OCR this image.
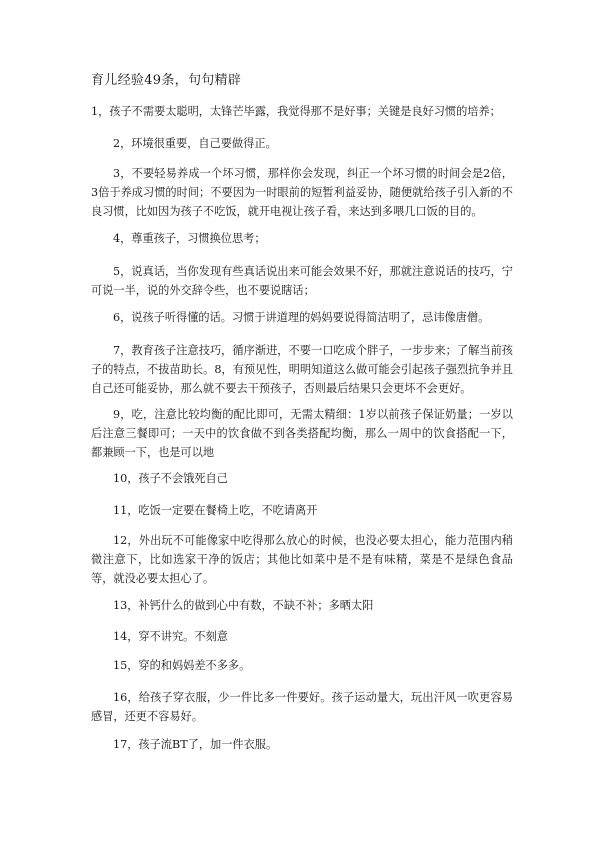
育儿经验49条，句句精辟

1，孩子不需要太聪明，太锋芒毕露，我觉得那不是好事；关键是良好习惯的培养；

2，环境很重要，自己要做得正。

3，不要轻易养成一个坏习惯，那样你会发现，纠正一个坏习惯的时间会是2倍，3倍于养成习惯的时间；不要因为一时眼前的短暂利益妥协，随便就给孩子引入新的不良习惯，比如因为孩子不吃饭，就开电视让孩子看，来达到多喂几口饭的目的。

4，尊重孩子，习惯换位思考；

5，说真话，当你发现有些真话说出来可能会效果不好，那就注意说话的技巧，宁可说一半，说的外交辞令些，也不要说瞎话；

6，说孩子听得懂的话。习惯于讲道理的妈妈要说得简洁明了，忌讳像唐僧。

7，教育孩子注意技巧，循序渐进，不要一口吃成个胖子，一步步来；了解当前孩子的特点，不拔苗助长。8，有预见性，明明知道这么做可能会引起孩子强烈抗争并且自己还可能妥协，那么就不要去干预孩子，否则最后结果只会更坏不会更好。

9，吃，注意比较均衡的配比即可，无需太精细：1岁以前孩子保证奶量；一岁以后注意三餐即可；一天中的饮食做不到各类搭配均衡，那么一周中的饮食搭配一下，都兼顾一下，也是可以地

10，孩子不会饿死自己

11，吃饭一定要在餐椅上吃，不吃请离开

12，外出玩不可能像家中吃得那么放心的时候，也没必要太担心，能力范围内稍微注意下，比如选家干净的饭店；其他比如菜中是不是有味精，菜是不是绿色食品等，就没必要太担心了。

13，补钙什么的做到心中有数，不缺不补；多晒太阳

14，穿不讲究。不刻意

15，穿的和妈妈差不多多。

16，给孩子穿衣服，少一件比多一件要好。孩子运动量大，玩出汗风一吹更容易感冒，还更不容易好。

17，孩子流BT了，加一件衣服。
